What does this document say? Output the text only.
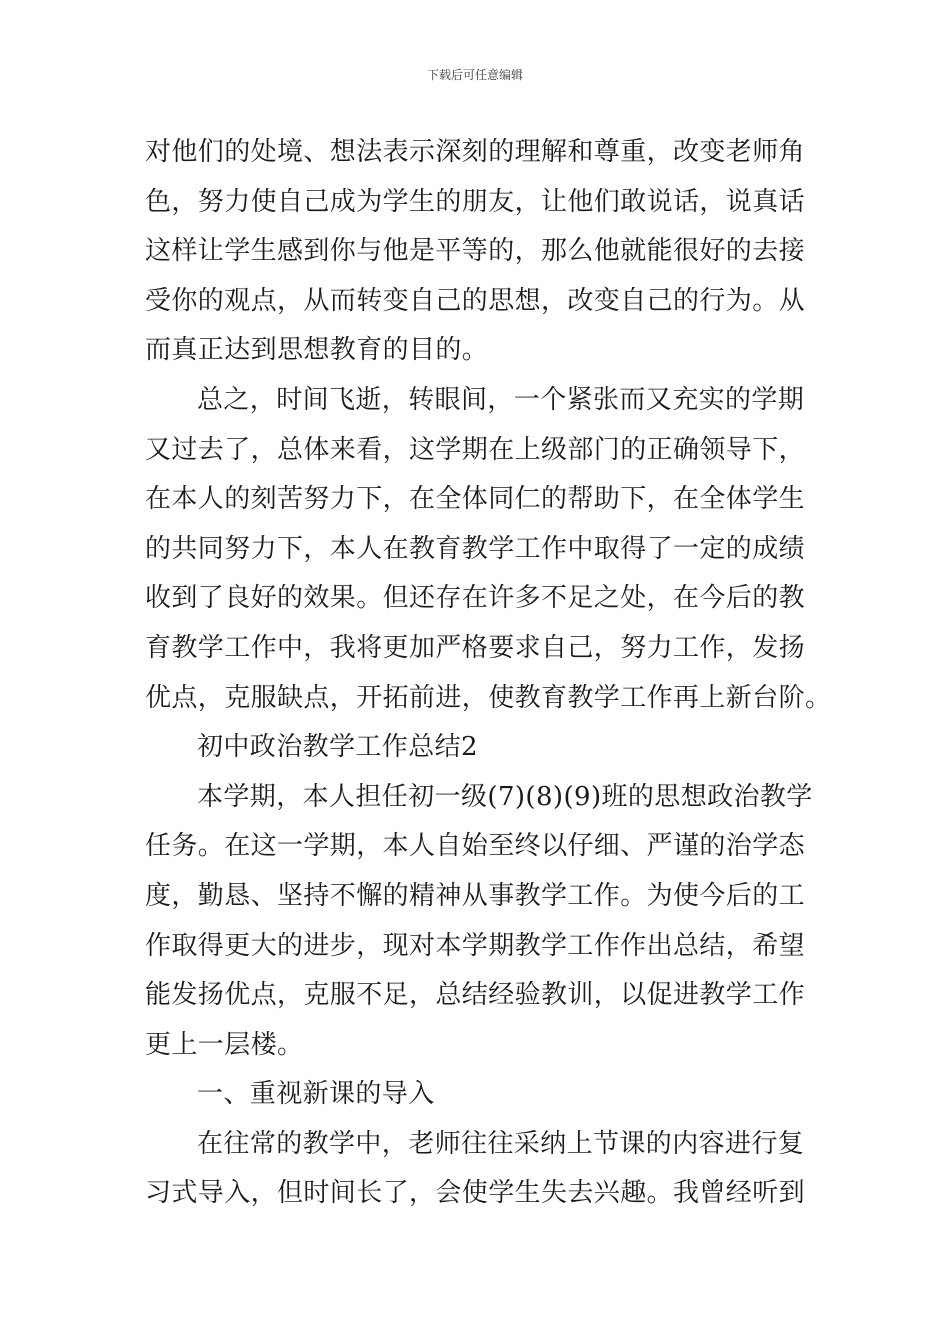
下载后可任意编辑
对他们的处境、想法表示深刻的理解和尊重，改变老师角
色，努力使自己成为学生的朋友，让他们敢说话，说真话
这样让学生感到你与他是平等的，那么他就能很好的去接
受你的观点，从而转变自己的思想，改变自己的行为。从
而真正达到思想教育的目的。
总之，时间飞逝，转眼间，一个紧张而又充实的学期
又过去了，总体来看，这学期在上级部门的正确领导下，
在本人的刻苦努力下，在全体同仁的帮助下，在全体学生
的共同努力下，本人在教育教学工作中取得了一定的成绩
收到了良好的效果。但还存在许多不足之处，在今后的教
育教学工作中，我将更加严格要求自己，努力工作，发扬
优点，克服缺点，开拓前进，使教育教学工作再上新台阶。
初中政治教学工作总结2
本学期，本人担任初一级(7)(8)(9)班的思想政治教学
任务。在这一学期，本人自始至终以仔细、严谨的治学态
度，勤恳、坚持不懈的精神从事教学工作。为使今后的工
作取得更大的进步，现对本学期教学工作作出总结，希望
能发扬优点，克服不足，总结经验教训，以促进教学工作
更上一层楼。
一、重视新课的导入
在往常的教学中，老师往往采纳上节课的内容进行复
习式导入，但时间长了，会使学生失去兴趣。我曾经听到
